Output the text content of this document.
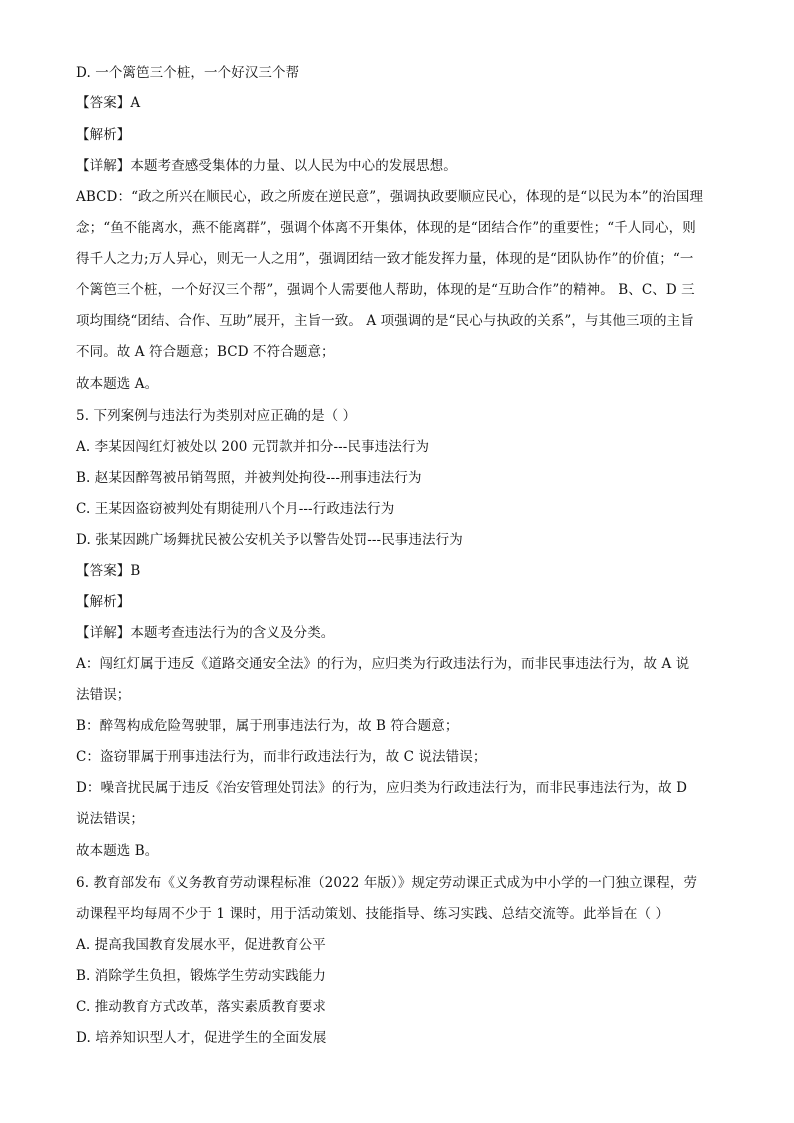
D. 一个篱笆三个桩，一个好汉三个帮
【答案】A
【解析】
【详解】本题考查感受集体的力量、以人民为中心的发展思想。
ABCD：“政之所兴在顺民心，政之所废在逆民意”，强调执政要顺应民心，体现的是“以民为本”的治国理
念；“鱼不能离水，燕不能离群”，强调个体离不开集体，体现的是“团结合作”的重要性；“千人同心，则
得千人之力;万人异心，则无一人之用”，强调团结一致才能发挥力量，体现的是“团队协作”的价值；“一
个篱笆三个桩，一个好汉三个帮”，强调个人需要他人帮助，体现的是“互助合作”的精神。 B、C、D 三
项均围绕“团结、合作、互助”展开，主旨一致。 A 项强调的是“民心与执政的关系”，与其他三项的主旨
不同。故 A 符合题意；BCD 不符合题意；
故本题选 A。
5. 下列案例与违法行为类别对应正确的是（ ）
A. 李某因闯红灯被处以 200 元罚款并扣分---民事违法行为
B. 赵某因醉驾被吊销驾照，并被判处拘役---刑事违法行为
C. 王某因盗窃被判处有期徒刑八个月---行政违法行为
D. 张某因跳广场舞扰民被公安机关予以警告处罚---民事违法行为
【答案】B
【解析】
【详解】本题考查违法行为的含义及分类。
A：闯红灯属于违反《道路交通安全法》的行为，应归类为行政违法行为，而非民事违法行为，故 A 说
法错误；
B：醉驾构成危险驾驶罪，属于刑事违法行为，故 B 符合题意；
C：盗窃罪属于刑事违法行为，而非行政违法行为，故 C 说法错误；
D：噪音扰民属于违反《治安管理处罚法》的行为，应归类为行政违法行为，而非民事违法行为，故 D
说法错误；
故本题选 B。
6. 教育部发布《义务教育劳动课程标准（2022 年版）》规定劳动课正式成为中小学的一门独立课程，劳
动课程平均每周不少于 1 课时，用于活动策划、技能指导、练习实践、总结交流等。此举旨在（ ）
A. 提高我国教育发展水平，促进教育公平
B. 消除学生负担，锻炼学生劳动实践能力
C. 推动教育方式改革，落实素质教育要求
D. 培养知识型人才，促进学生的全面发展
